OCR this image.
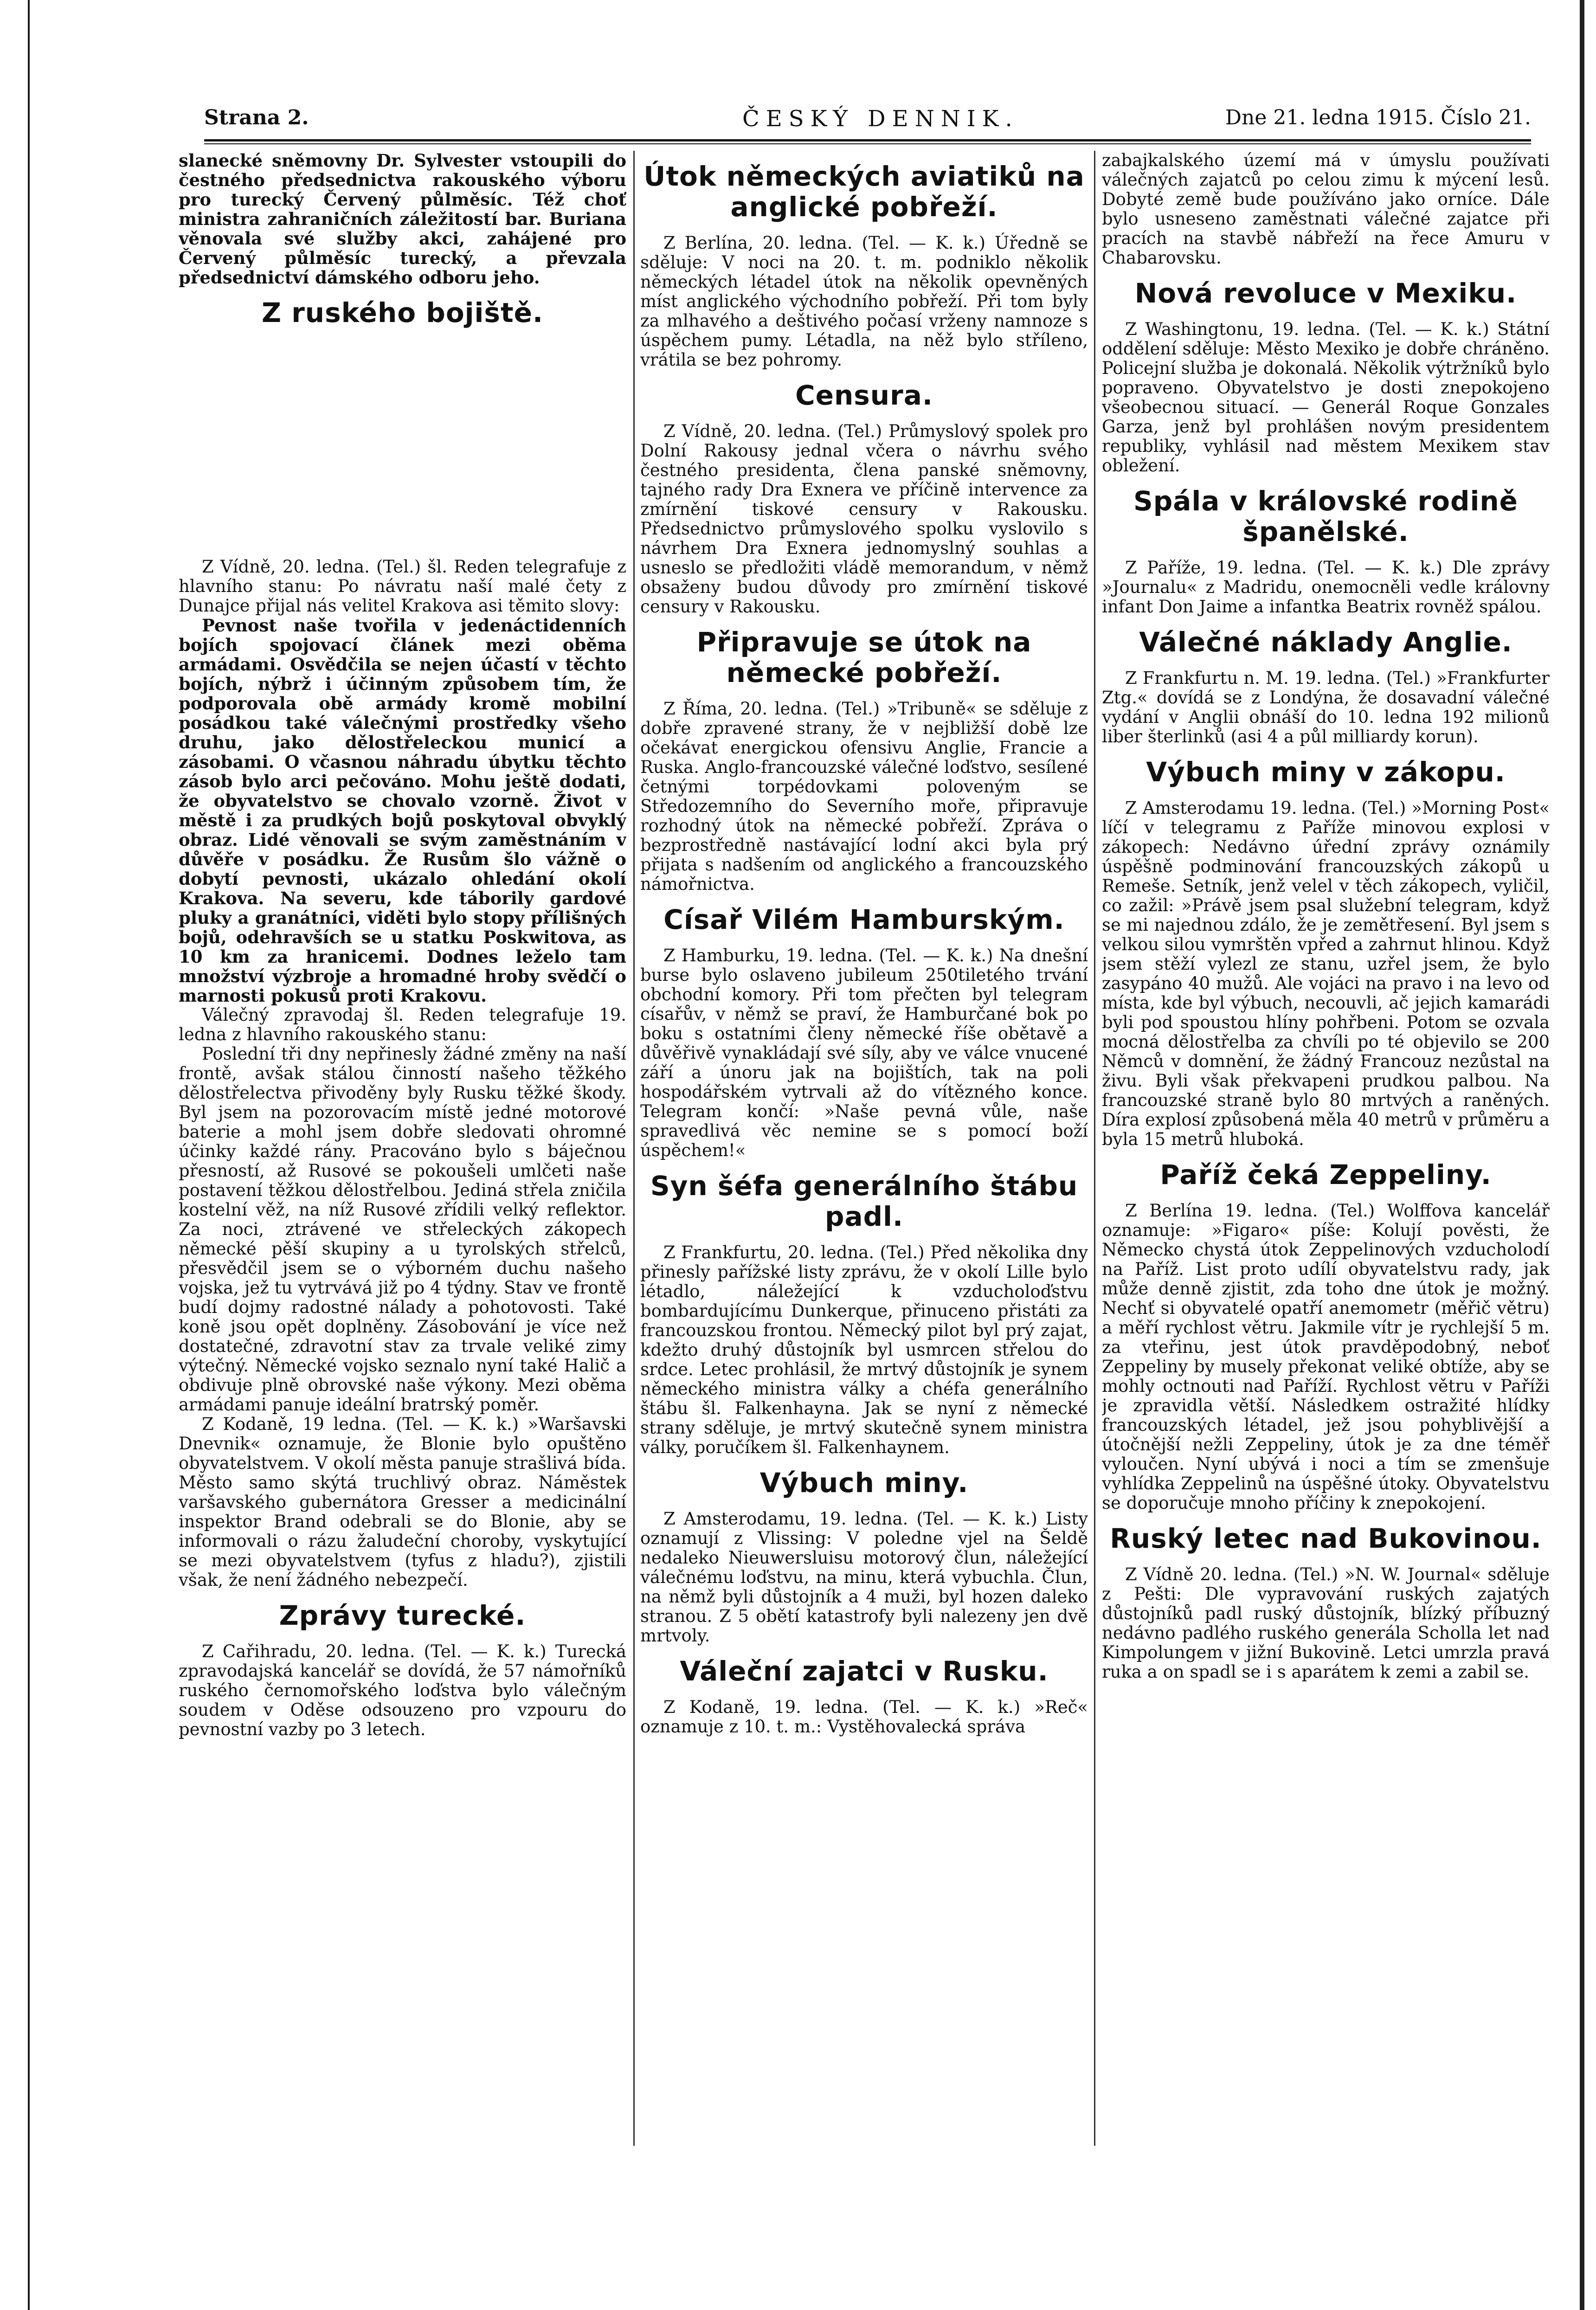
Strana 2.	ČESKÝ DENNIK.	Dne 21. ledna 1915. Číslo 21.

slanecké sněmovny Dr. Sylvester vstoupili do čestného předsednictva rakouského výboru pro turecký Červený půlměsíc. Též choť ministra zahraničních záležitostí bar. Buriana věnovala své služby akci, zahájené pro Červený půlměsíc turecký, a převzala předsednictví dámského odboru jeho.

Z ruského bojiště.

Z Vídně, 20. ledna. (Tel.) šl. Reden telegrafuje z hlavního stanu: Po návratu naší malé čety z Dunajce přijal nás velitel Krakova asi těmito slovy:

Pevnost naše tvořila v jedenáctidenních bojích spojovací článek mezi oběma armádami. Osvědčila se nejen účastí v těchto bojích, nýbrž i účinným způsobem tím, že podporovala obě armády kromě mobilní posádkou také válečnými prostředky všeho druhu, jako dělostřeleckou municí a zásobami. O včasnou náhradu úbytku těchto zásob bylo arci pečováno. Mohu ještě dodati, že obyvatelstvo se chovalo vzorně. Život v městě i za prudkých bojů poskytoval obvyklý obraz. Lidé věnovali se svým zaměstnáním v důvěře v posádku. Že Rusům šlo vážně o dobytí pevnosti, ukázalo ohledání okolí Krakova. Na severu, kde táborily gardové pluky a granátníci, viděti bylo stopy přílišných bojů, odehravších se u statku Poskwitova, as 10 km za hranicemi. Dodnes leželo tam množství výzbroje a hromadné hroby svědčí o marnosti pokusů proti Krakovu.

Válečný zpravodaj šl. Reden telegrafuje 19. ledna z hlavního rakouského stanu:

Poslední tři dny nepřinesly žádné změny na naší frontě, avšak stálou činností našeho těžkého dělostřelectva přivoděny byly Rusku těžké škody. Byl jsem na pozorovacím místě jedné motorové baterie a mohl jsem dobře sledovati ohromné účinky každé rány. Pracováno bylo s báječnou přesností, až Rusové se pokoušeli umlčeti naše postavení těžkou dělostřelbou. Jediná střela zničila kostelní věž, na níž Rusové zřídili velký reflektor. Za noci, ztrávené ve střeleckých zákopech německé pěší skupiny a u tyrolských střelců, přesvědčil jsem se o výborném duchu našeho vojska, jež tu vytrvává již po 4 týdny. Stav ve frontě budí dojmy radostné nálady a pohotovosti. Také koně jsou opět doplněny. Zásobování je více než dostatečné, zdravotní stav za trvale veliké zimy výtečný. Německé vojsko seznalo nyní také Halič a obdivuje plně obrovské naše výkony. Mezi oběma armádami panuje ideální bratrský poměr.

Z Kodaně, 19 ledna. (Tel. — K. k.) »Waršavski Dnevnik« oznamuje, že Blonie bylo opuštěno obyvatelstvem. V okolí města panuje strašlivá bída. Město samo skýtá truchlivý obraz. Náměstek varšavského gubernátora Gresser a medicinální inspektor Brand odebrali se do Blonie, aby se informovali o rázu žaludeční choroby, vyskytující se mezi obyvatelstvem (tyfus z hladu?), zjistili však, že není žádného nebezpečí.

Zprávy turecké.

Z Cařihradu, 20. ledna. (Tel. — K. k.) Turecká zpravodajská kancelář se dovídá, že 57 námořníků ruského černomořského loďstva bylo válečným soudem v Oděse odsouzeno pro vzpouru do pevnostní vazby po 3 letech.

Útok německých aviatiků na anglické pobřeží.

Z Berlína, 20. ledna. (Tel. — K. k.) Úředně se sděluje: V noci na 20. t. m. podniklo několik německých létadel útok na několik opevněných míst anglického východního pobřeží. Při tom byly za mlhavého a deštivého počasí vrženy namnoze s úspěchem pumy. Létadla, na něž bylo stříleno, vrátila se bez pohromy.

Censura.

Z Vídně, 20. ledna. (Tel.) Průmyslový spolek pro Dolní Rakousy jednal včera o návrhu svého čestného presidenta, člena panské sněmovny, tajného rady Dra Exnera ve příčině intervence za zmírnění tiskové censury v Rakousku. Předsednictvo průmyslového spolku vyslovilo s návrhem Dra Exnera jednomyslný souhlas a usneslo se předložiti vládě memorandum, v němž obsaženy budou důvody pro zmírnění tiskové censury v Rakousku.

Připravuje se útok na německé pobřeží.

Z Říma, 20. ledna. (Tel.) »Tribuně« se sděluje z dobře zpravené strany, že v nejbližší době lze očekávat energickou ofensivu Anglie, Francie a Ruska. Anglo-francouzské válečné loďstvo, sesílené četnými torpédovkami poloveným se Středozemního do Severního moře, připravuje rozhodný útok na německé pobřeží. Zpráva o bezprostředně nastávající lodní akci byla prý přijata s nadšením od anglického a francouzského námořnictva.

Císař Vilém Hamburským.

Z Hamburku, 19. ledna. (Tel. — K. k.) Na dnešní burse bylo oslaveno jubileum 250tiletého trvání obchodní komory. Při tom přečten byl telegram císařův, v němž se praví, že Hamburčané bok po boku s ostatními členy německé říše obětavě a důvěřivě vynakládají své síly, aby ve válce vnucené září a únoru jak na bojištích, tak na poli hospodářském vytrvali až do vítězného konce. Telegram končí: »Naše pevná vůle, naše spravedlivá věc nemine se s pomocí boží úspěchem!«

Syn šéfa generálního štábu padl.

Z Frankfurtu, 20. ledna. (Tel.) Před několika dny přinesly pařížské listy zprávu, že v okolí Lille bylo létadlo, náležející k vzducholoďstvu bombardujícímu Dunkerque, přinuceno přistáti za francouzskou frontou. Německý pilot byl prý zajat, kdežto druhý důstojník byl usmrcen střelou do srdce. Letec prohlásil, že mrtvý důstojník je synem německého ministra války a chéfa generálního štábu šl. Falkenhayna. Jak se nyní z německé strany sděluje, je mrtvý skutečně synem ministra války, poručíkem šl. Falkenhaynem.

Výbuch miny.

Z Amsterodamu, 19. ledna. (Tel. — K. k.) Listy oznamují z Vlissing: V poledne vjel na Šeldě nedaleko Nieuwersluisu motorový člun, náležející válečnému loďstvu, na minu, která vybuchla. Člun, na němž byli důstojník a 4 muži, byl hozen daleko stranou. Z 5 obětí katastrofy byli nalezeny jen dvě mrtvoly.

Váleční zajatci v Rusku.

Z Kodaně, 19. ledna. (Tel. — K. k.) »Reč« oznamuje z 10. t. m.: Vystěhovalecká správa

zabajkalského území má v úmyslu používati válečných zajatců po celou zimu k mýcení lesů. Dobyté země bude používáno jako orníce. Dále bylo usneseno zaměstnati válečné zajatce při pracích na stavbě nábřeží na řece Amuru v Chabarovsku.

Nová revoluce v Mexiku.

Z Washingtonu, 19. ledna. (Tel. — K. k.) Státní oddělení sděluje: Město Mexiko je dobře chráněno. Policejní služba je dokonalá. Několik výtržníků bylo popraveno. Obyvatelstvo je dosti znepokojeno všeobecnou situací. — Generál Roque Gonzales Garza, jenž byl prohlášen novým presidentem republiky, vyhlásil nad městem Mexikem stav obležení.

Spála v královské rodině španělské.

Z Paříže, 19. ledna. (Tel. — K. k.) Dle zprávy »Journalu« z Madridu, onemocněli vedle královny infant Don Jaime a infantka Beatrix rovněž spálou.

Válečné náklady Anglie.

Z Frankfurtu n. M. 19. ledna. (Tel.) »Frankfurter Ztg.« dovídá se z Londýna, že dosavadní válečné vydání v Anglii obnáší do 10. ledna 192 milionů liber šterlinků (asi 4 a půl milliardy korun).

Výbuch miny v zákopu.

Z Amsterodamu 19. ledna. (Tel.) »Morning Post« líčí v telegramu z Paříže minovou explosi v zákopech: Nedávno úřední zprávy oznámily úspěšně podminování francouzských zákopů u Remeše. Setník, jenž velel v těch zákopech, vyličil, co zažil: »Právě jsem psal služební telegram, když se mi najednou zdálo, že je zemětřesení. Byl jsem s velkou silou vymrštěn vpřed a zahrnut hlinou. Když jsem stěží vylezl ze stanu, uzřel jsem, že bylo zasypáno 40 mužů. Ale vojáci na pravo i na levo od místa, kde byl výbuch, necouvli, ač jejich kamarádi byli pod spoustou hlíny pohřbeni. Potom se ozvala mocná dělostřelba za chvíli po té objevilo se 200 Němců v domnění, že žádný Francouz nezůstal na živu. Byli však překvapeni prudkou palbou. Na francouzské straně bylo 80 mrtvých a raněných. Díra explosí způsobená měla 40 metrů v průměru a byla 15 metrů hluboká.

Paříž čeká Zeppeliny.

Z Berlína 19. ledna. (Tel.) Wolffova kancelář oznamuje: »Figaro« píše: Kolují pověsti, že Německo chystá útok Zeppelinových vzducholodí na Paříž. List proto udílí obyvatelstvu rady, jak může denně zjistit, zda toho dne útok je možný. Nechť si obyvatelé opatří anemometr (měřič větru) a měří rychlost větru. Jakmile vítr je rychlejší 5 m. za vteřinu, jest útok pravděpodobný, neboť Zeppeliny by musely překonat veliké obtíže, aby se mohly octnouti nad Paříží. Rychlost větru v Paříži je zpravidla větší. Následkem ostražité hlídky francouzských létadel, jež jsou pohyblivější a útočnější nežli Zeppeliny, útok je za dne téměř vyloučen. Nyní ubývá i noci a tím se zmenšuje vyhlídka Zeppelinů na úspěšné útoky. Obyvatelstvu se doporučuje mnoho příčiny k znepokojení.

Ruský letec nad Bukovinou.

Z Vídně 20. ledna. (Tel.) »N. W. Journal« sděluje z Pešti: Dle vypravování ruských zajatých důstojníků padl ruský důstojník, blízký příbuzný nedávno padlého ruského generála Scholla let nad Kimpolungem v jižní Bukovině. Letci umrzla pravá ruka a on spadl se i s aparátem k zemi a zabil se.
